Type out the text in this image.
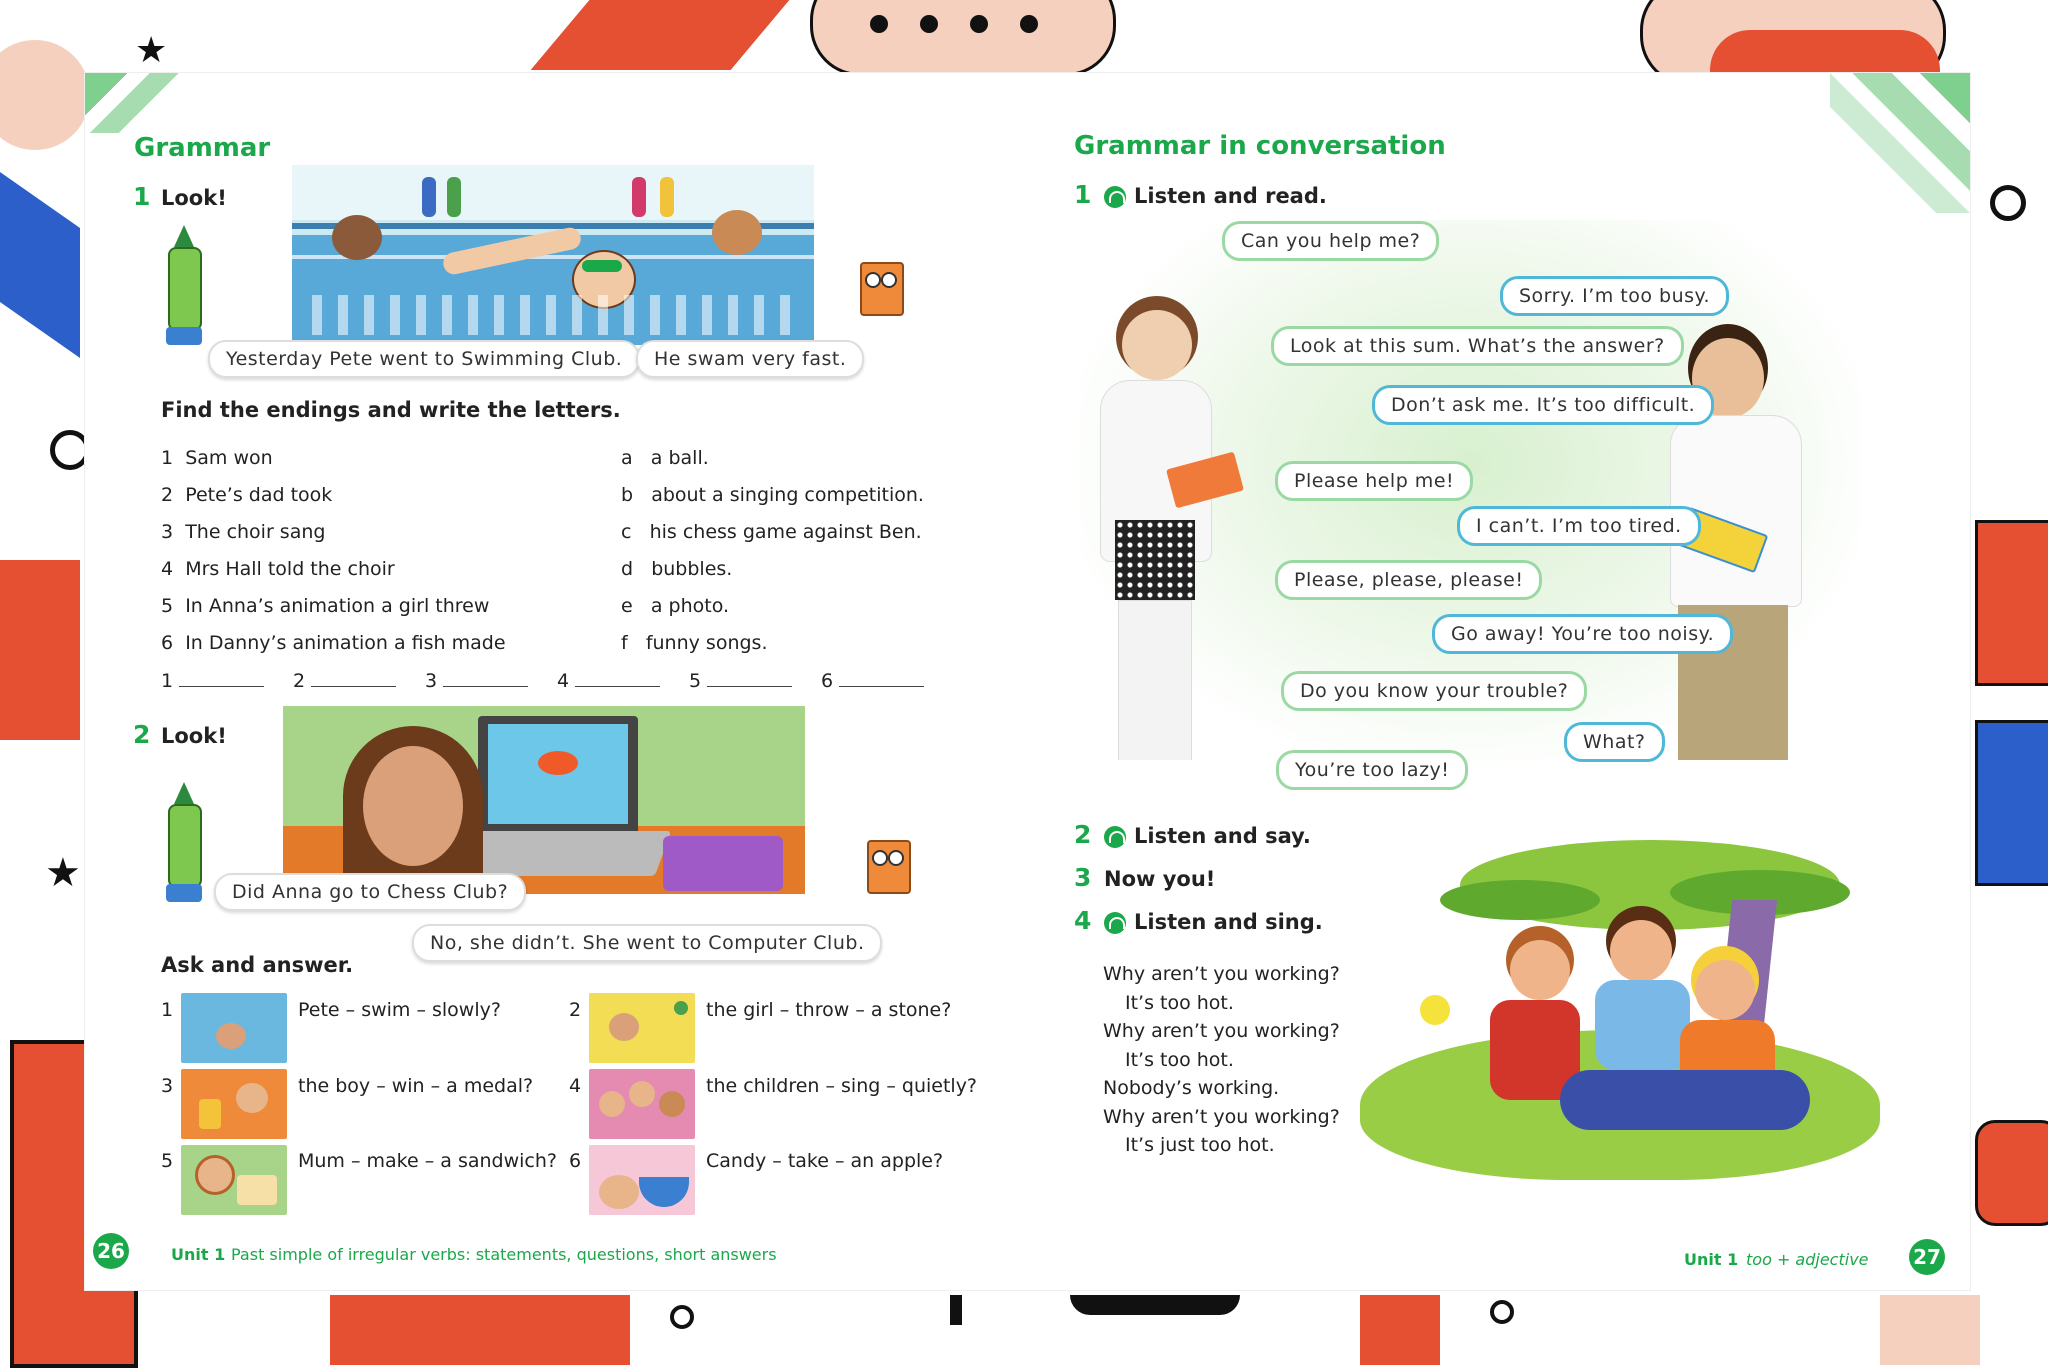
★
★
Grammar
1 Look!
Yesterday Pete went to Swimming Club.	He swam very fast.
Find the endings and write the letters.
1 Sam won	a a ball.
2 Pete’s dad took	b about a singing competition.
3 The choir sang	c his chess game against Ben.
4 Mrs Hall told the choir	d bubbles.
5 In Anna’s animation a girl threw	e a photo.
6 In Danny’s animation a fish made	f funny songs.
1	2	3	4	5	6
2 Look!
Did Anna go to Chess Club?
No, she didn’t. She went to Computer Club.
Ask and answer.
1	Pete – swim – slowly?	2	the girl – throw – a stone?
3	the boy – win – a medal? 4	the children – sing – quietly?
5	Mum – make – a sandwich? 6	Candy – take – an apple?
26	Unit 1 Past simple of irregular verbs: statements, questions, short answers
Grammar in conversation
1	Listen and read.
Can you help me?
Sorry. I’m too busy.
Look at this sum. What’s the answer?
Don’t ask me. It’s too difficult.
Please help me!
I can’t. I’m too tired.
Please, please, please!
Go away! You’re too noisy.
Do you know your trouble?
What?
You’re too lazy!
2	Listen and say.
3 Now you!
4	Listen and sing.
Why aren’t you working?
It’s too hot.
Why aren’t you working?
It’s too hot.
Nobody’s working.
Why aren’t you working?
It’s just too hot.
Unit 1 too + adjective 27
